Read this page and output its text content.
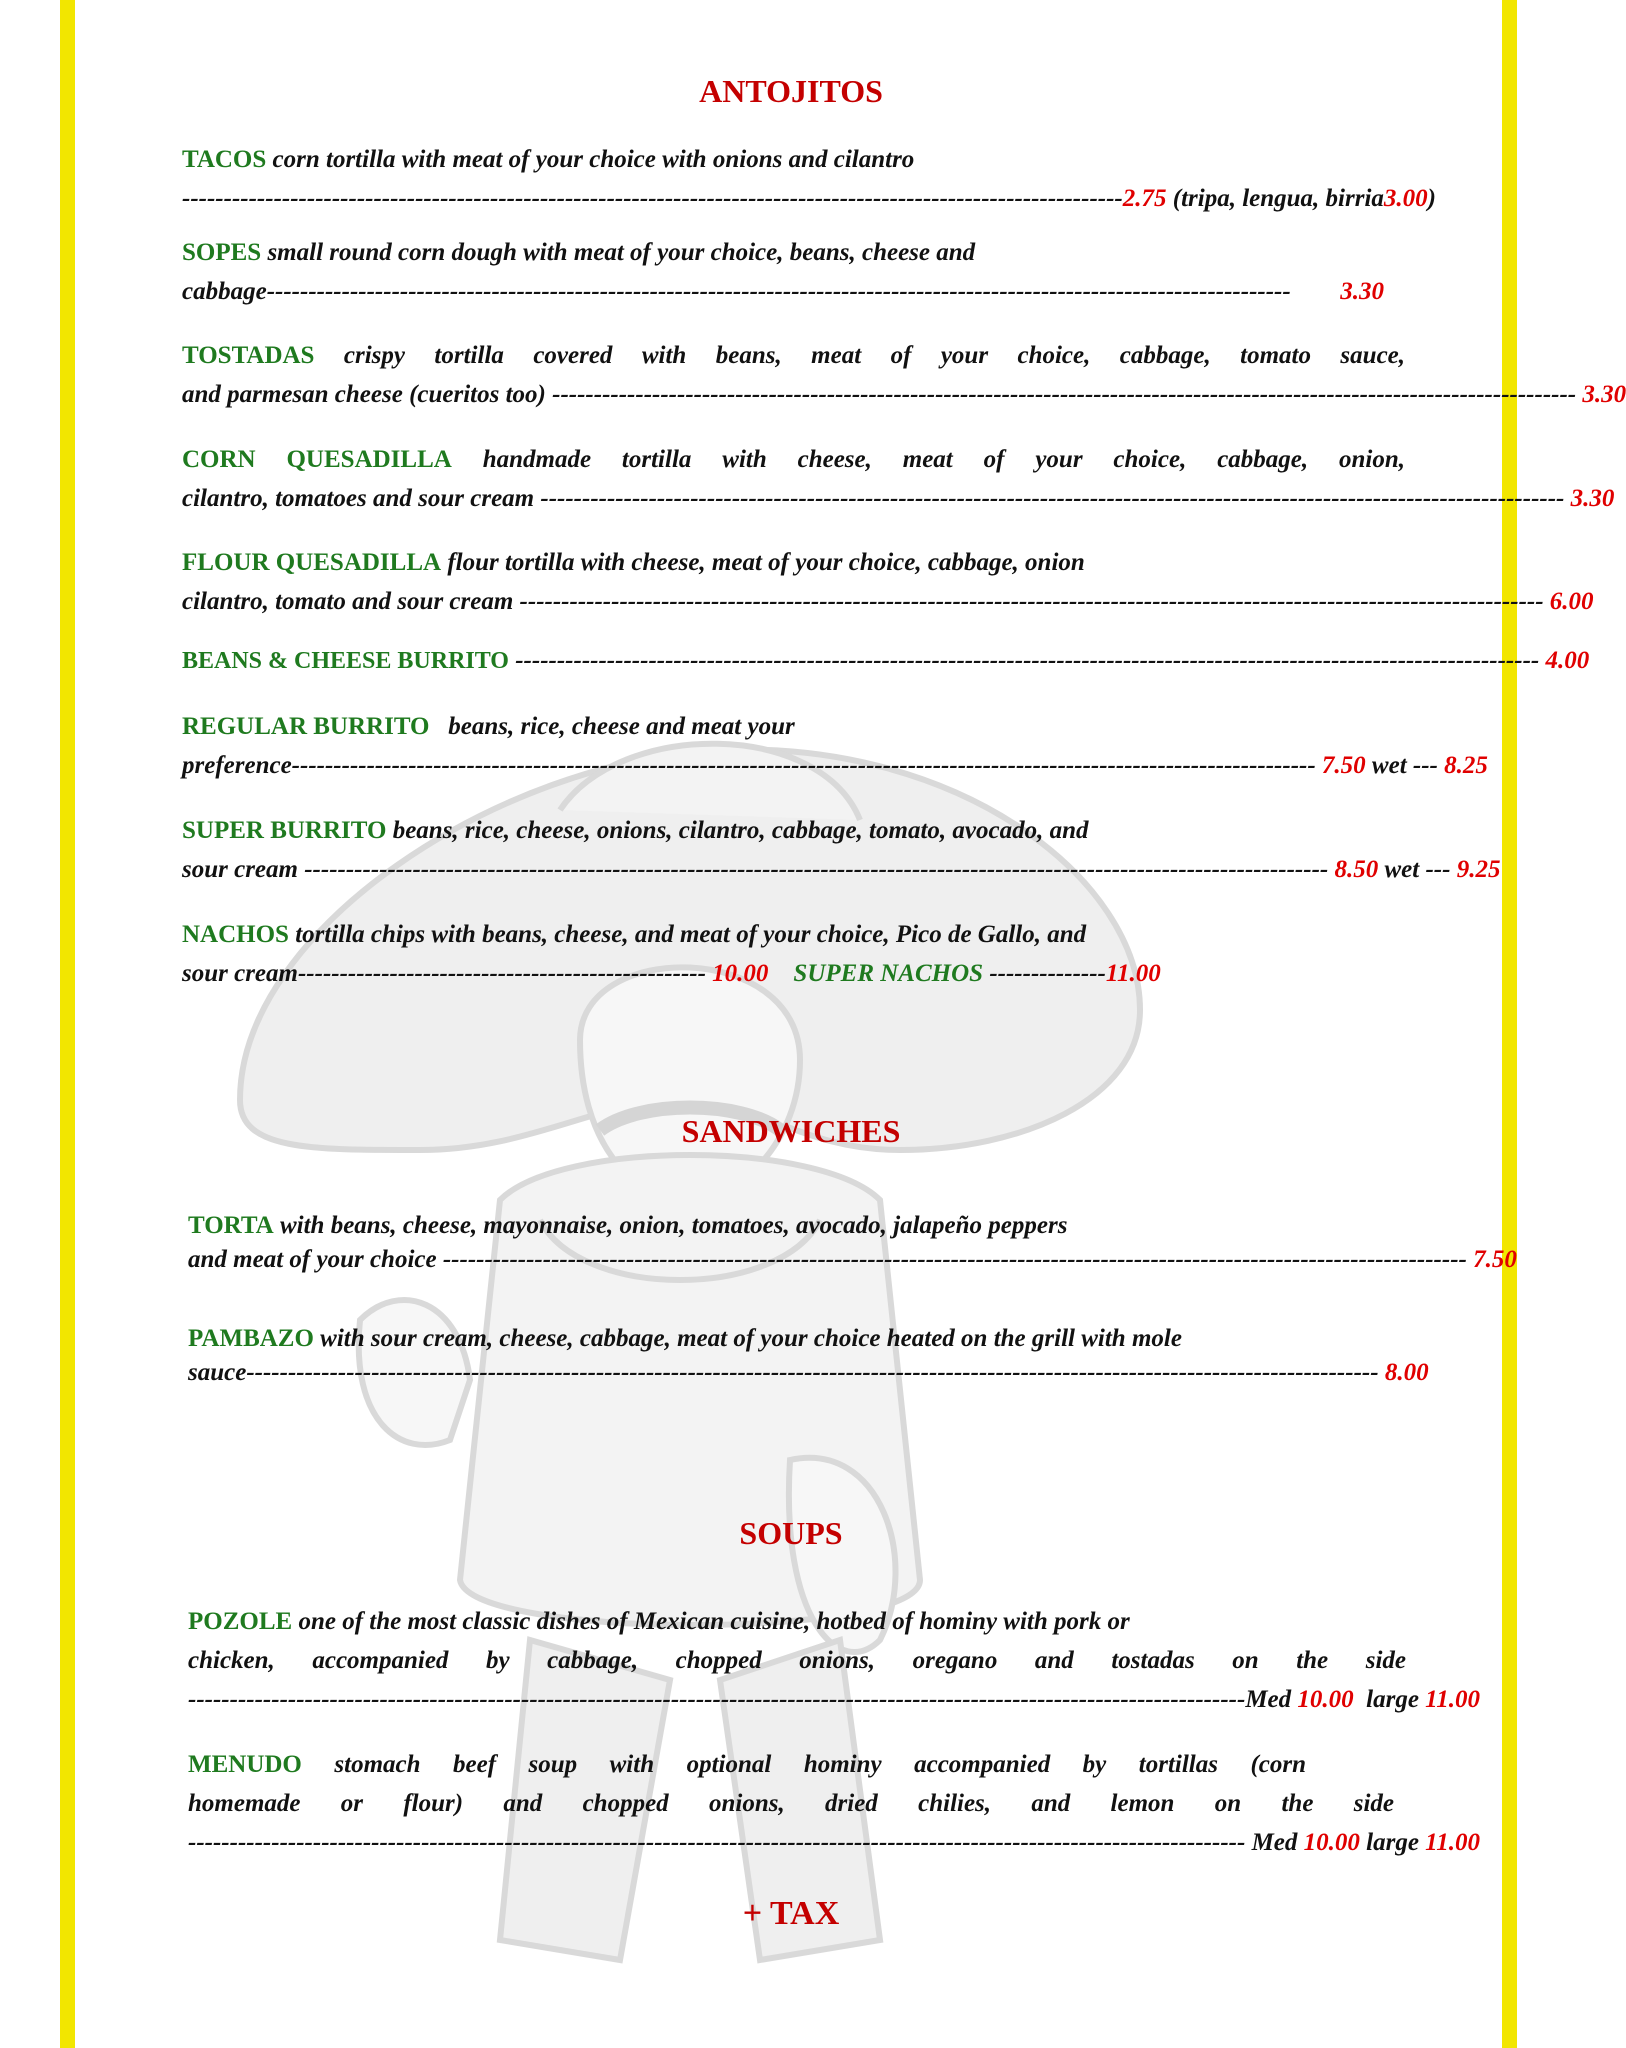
ANTOJITOS
TACOS corn tortilla with meat of your choice with onions and cilantro
----------------------------------------------------------------------------------------------------------------- 2.75
(tripa, lengua, birria 3.00 )
SOPES small round corn dough with meat of your choice, beans, cheese and
cabbage ---------------------------------------------------------------------------------------------------------------------------
	3.30
TOSTADAS crispy tortilla covered with beans, meat of your choice, cabbage, tomato sauce,
and parmesan cheese (cueritos too)
---------------------------------------------------------------------------------------------------------------------------
3.30
CORN QUESADILLA handmade tortilla with cheese, meat of your choice, cabbage, onion,
cilantro, tomatoes and sour cream
---------------------------------------------------------------------------------------------------------------------------
3.30
FLOUR QUESADILLA flour tortilla with cheese, meat of your choice, cabbage, onion
cilantro, tomato and sour cream
---------------------------------------------------------------------------------------------------------------------------
6.00
BEANS & CHEESE BURRITO
---------------------------------------------------------------------------------------------------------------------------
4.00
REGULAR BURRITO beans, rice, cheese and meat your
preference ---------------------------------------------------------------------------------------------------------------------------
7.50
wet ---
8.25
SUPER BURRITO beans, rice, cheese, onions, cilantro, cabbage, tomato, avocado, and
sour cream
---------------------------------------------------------------------------------------------------------------------------
8.50
wet ---
9.25
NACHOS tortilla chips with beans, cheese, and meat of your choice, Pico de Gallo, and
sour cream------------------------------------------------- 10.00 SUPER NACHOS --------------11.00
SANDWICHES
TORTA with beans, cheese, mayonnaise, onion, tomatoes, avocado, jalapeño peppers
and meat of your choice
---------------------------------------------------------------------------------------------------------------------------
7.50
PAMBAZO with sour cream, cheese, cabbage, meat of your choice heated on the grill with mole
sauce ----------------------------------------------------------------------------------------------------------------------------------------
8.00
SOUPS
POZOLE one of the most classic dishes of Mexican cuisine, hotbed of hominy with pork or
chicken, accompanied by cabbage, chopped onions, oregano and tostadas on the side
------------------------------------------------------------------------------------------------------------------------------- Med
10.00
large
11.00
MENUDO stomach beef soup with optional hominy accompanied by tortillas (corn
homemade or flour) and chopped onions, dried chilies, and lemon on the side
-------------------------------------------------------------------------------------------------------------------------------
Med
10.00
large
11.00
+ TAX
